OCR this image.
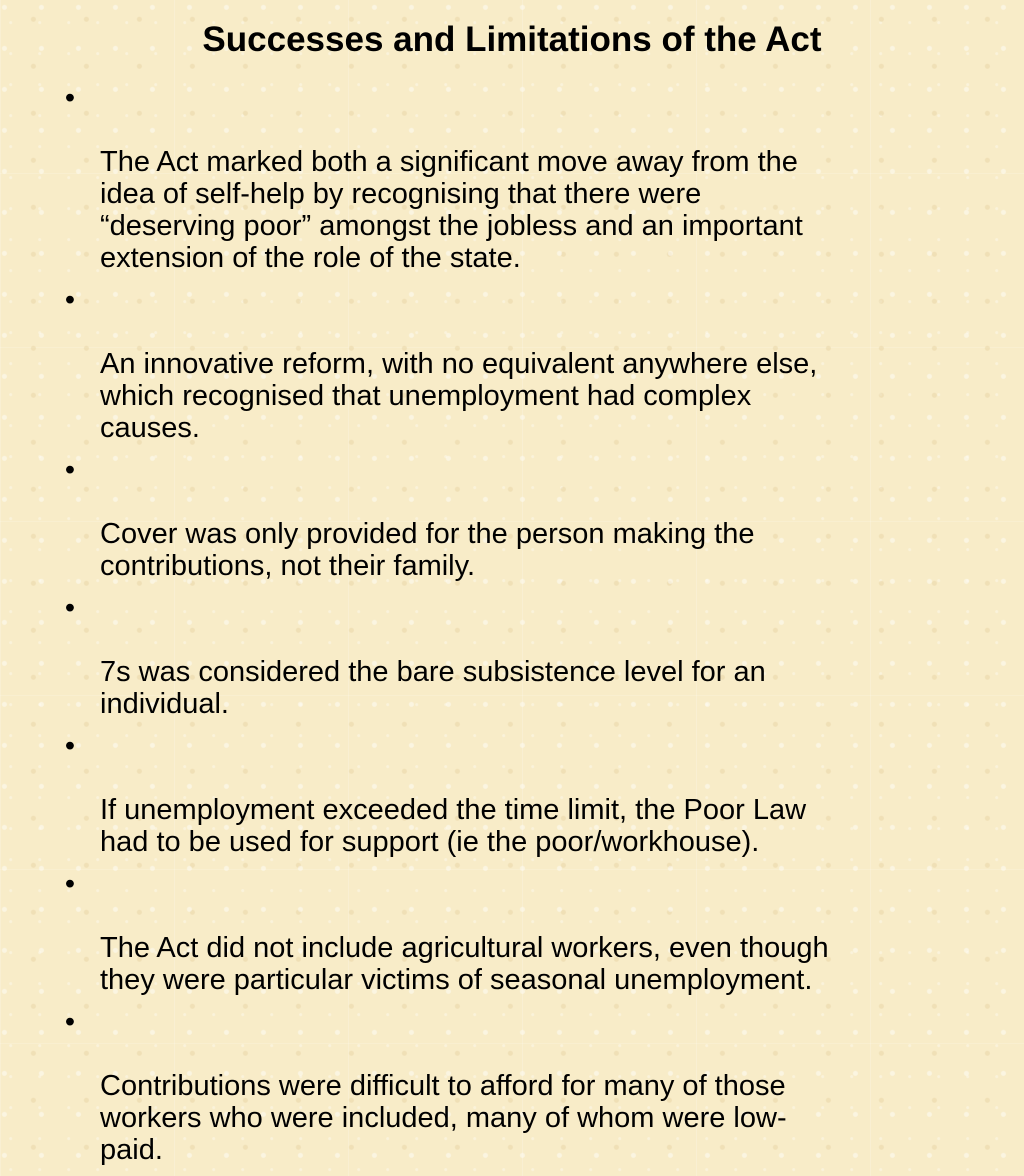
Successes and Limitations of the Act

•

The Act marked both a significant move away from the
idea of self-help by recognising that there were
“deserving poor” amongst the jobless and an important
extension of the role of the state.

•

An innovative reform, with no equivalent anywhere else,
which recognised that unemployment had complex
causes.

•

Cover was only provided for the person making the
contributions, not their family.

•

7s was considered the bare subsistence level for an
individual.

•

If unemployment exceeded the time limit, the Poor Law
had to be used for support (ie the poor/workhouse).

•

The Act did not include agricultural workers, even though
they were particular victims of seasonal unemployment.

•

Contributions were difficult to afford for many of those
workers who were included, many of whom were low-
paid.
